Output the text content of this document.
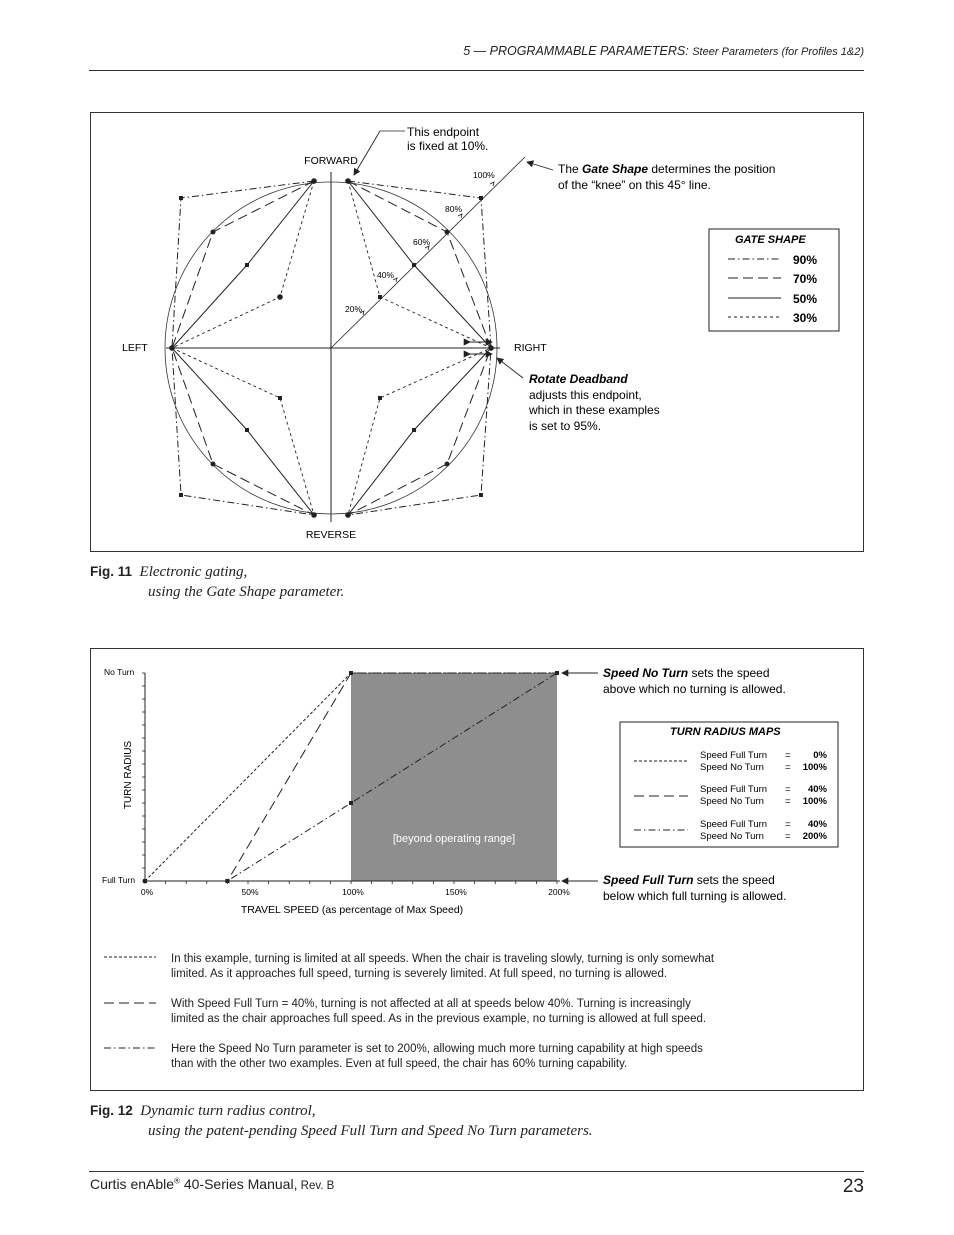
5 — PROGRAMMABLE PARAMETERS: Steer Parameters (for Profiles 1&2)
FORWARD
REVERSE
LEFT	RIGHT
20%
40%
60%
80%
100%
This endpoint
is fixed at 10%.
The Gate Shape determines the position
of the “knee” on this 45° line.
Rotate Deadband
adjusts this endpoint,
which in these examples
is set to 95%.
GATE SHAPE
90%
70%
50%
30%
Fig. 11 Electronic gating,
using the Gate Shape parameter.
[beyond operating range]
No Turn
Full Turn
TURN RADIUS
0%	50%	100%	150%	200%
TRAVEL SPEED (as percentage of Max Speed)
Speed No Turn sets the speed
above which no turning is allowed.
Speed Full Turn sets the speed
below which full turning is allowed.
TURN RADIUS MAPS
Speed Full Turn = 0%
Speed No Turn = 100%
Speed Full Turn = 40%
Speed No Turn = 100%
Speed Full Turn = 40%
Speed No Turn = 200%
In this example, turning is limited at all speeds. When the chair is traveling slowly, turning is only somewhat
limited. As it approaches full speed, turning is severely limited. At full speed, no turning is allowed.
With Speed Full Turn = 40%, turning is not affected at all at speeds below 40%. Turning is increasingly
limited as the chair approaches full speed. As in the previous example, no turning is allowed at full speed.
Here the Speed No Turn parameter is set to 200%, allowing much more turning capability at high speeds
than with the other two examples. Even at full speed, the chair has 60% turning capability.
Fig. 12 Dynamic turn radius control,
using the patent-pending Speed Full Turn and Speed No Turn parameters.
Curtis enAble® 40-Series Manual, Rev. B	23
